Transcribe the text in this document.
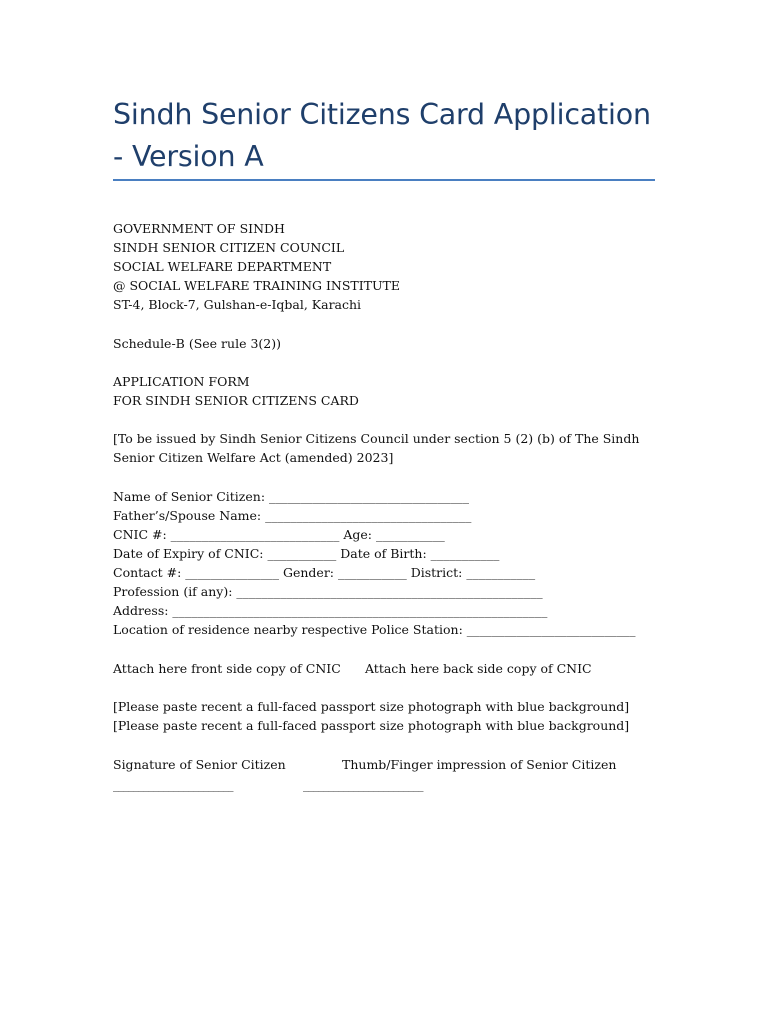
Sindh Senior Citizens Card Application - Version A
GOVERNMENT OF SINDH
SINDH SENIOR CITIZEN COUNCIL
SOCIAL WELFARE DEPARTMENT
@ SOCIAL WELFARE TRAINING INSTITUTE
ST-4, Block-7, Gulshan-e-Iqbal, Karachi
Schedule-B (See rule 3(2))
APPLICATION FORM
FOR SINDH SENIOR CITIZENS CARD
[To be issued by Sindh Senior Citizens Council under section 5 (2) (b) of The Sindh Senior Citizen Welfare Act (amended) 2023]
Name of Senior Citizen: ________________________________
Father’s/Spouse Name: _________________________________
CNIC #: ___________________________ Age: ___________
Date of Expiry of CNIC: ___________ Date of Birth: ___________
Contact #: _______________ Gender: ___________ District: ___________
Profession (if any): _________________________________________________
Address: ____________________________________________________________
Location of residence nearby respective Police Station: ___________________________
Attach here front side copy of CNIC Attach here back side copy of CNIC
[Please paste recent a full-faced passport size photograph with blue background]
[Please paste recent a full-faced passport size photograph with blue background]
Signature of Senior Citizen	Thumb/Finger impression of Senior Citizen
________________________	________________________
